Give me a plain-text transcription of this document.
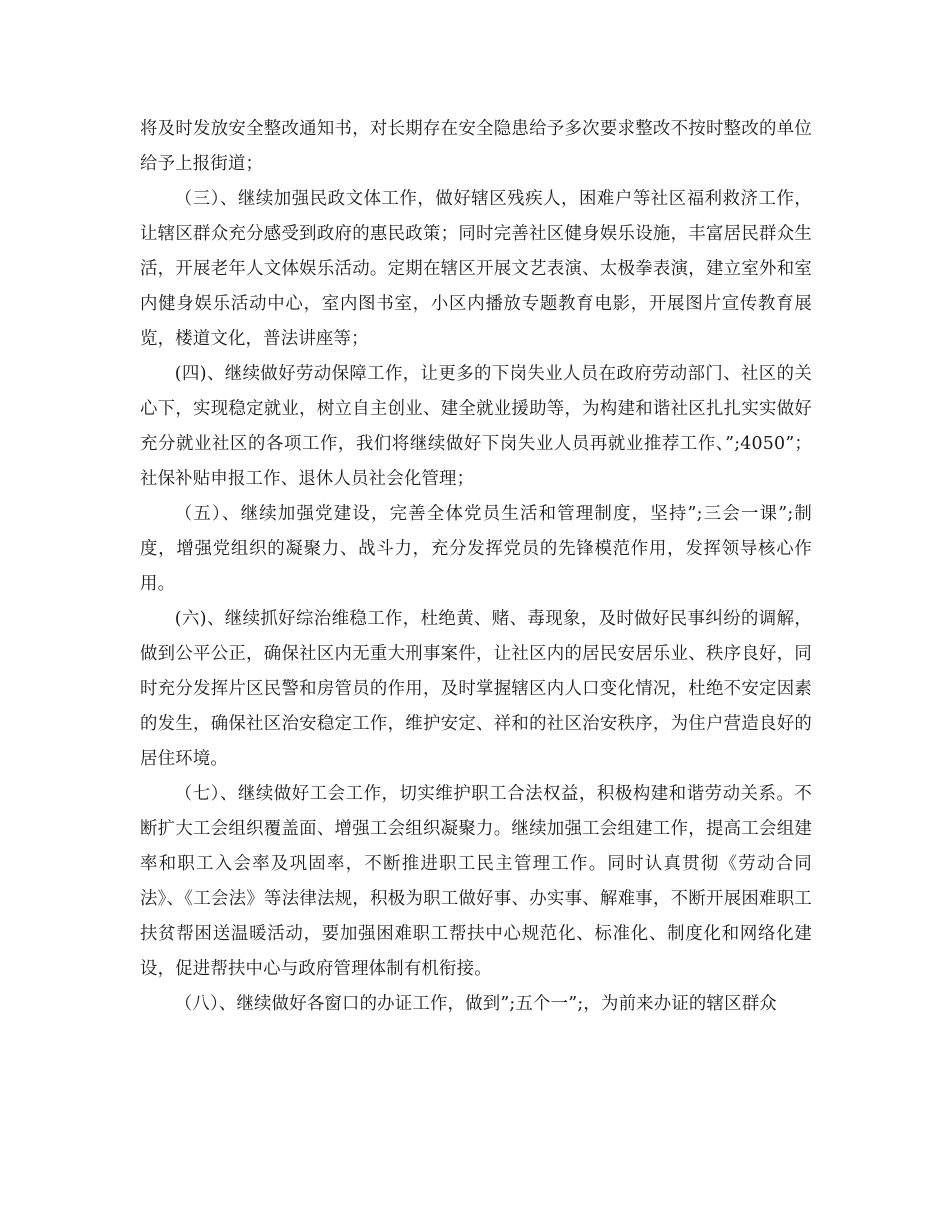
将及时发放安全整改通知书，对长期存在安全隐患给予多次要求整改不按时整改的单位给予上报街道；

（三）、继续加强民政文体工作，做好辖区残疾人，困难户等社区福利救济工作，让辖区群众充分感受到政府的惠民政策；同时完善社区健身娱乐设施，丰富居民群众生活，开展老年人文体娱乐活动。定期在辖区开展文艺表演、太极拳表演，建立室外和室内健身娱乐活动中心，室内图书室，小区内播放专题教育电影，开展图片宣传教育展览，楼道文化，普法讲座等；

(四)、继续做好劳动保障工作，让更多的下岗失业人员在政府劳动部门、社区的关心下，实现稳定就业，树立自主创业、建全就业援助等，为构建和谐社区扎扎实实做好充分就业社区的各项工作，我们将继续做好下岗失业人员再就业推荐工作、”;4050”；社保补贴申报工作、退休人员社会化管理；

（五）、继续加强党建设，完善全体党员生活和管理制度，坚持”;三会一课”;制度，增强党组织的凝聚力、战斗力，充分发挥党员的先锋模范作用，发挥领导核心作用。

(六)、继续抓好综治维稳工作，杜绝黄、赌、毒现象，及时做好民事纠纷的调解，做到公平公正，确保社区内无重大刑事案件，让社区内的居民安居乐业、秩序良好，同时充分发挥片区民警和房管员的作用，及时掌握辖区内人口变化情况，杜绝不安定因素的发生，确保社区治安稳定工作，维护安定、祥和的社区治安秩序，为住户营造良好的居住环境。

（七）、继续做好工会工作，切实维护职工合法权益，积极构建和谐劳动关系。不断扩大工会组织覆盖面、增强工会组织凝聚力。继续加强工会组建工作，提高工会组建率和职工入会率及巩固率，不断推进职工民主管理工作。同时认真贯彻《劳动合同法》、《工会法》等法律法规，积极为职工做好事、办实事、解难事，不断开展困难职工扶贫帮困送温暖活动，要加强困难职工帮扶中心规范化、标准化、制度化和网络化建设，促进帮扶中心与政府管理体制有机衔接。

（八）、继续做好各窗口的办证工作，做到”;五个一”;，为前来办证的辖区群众
